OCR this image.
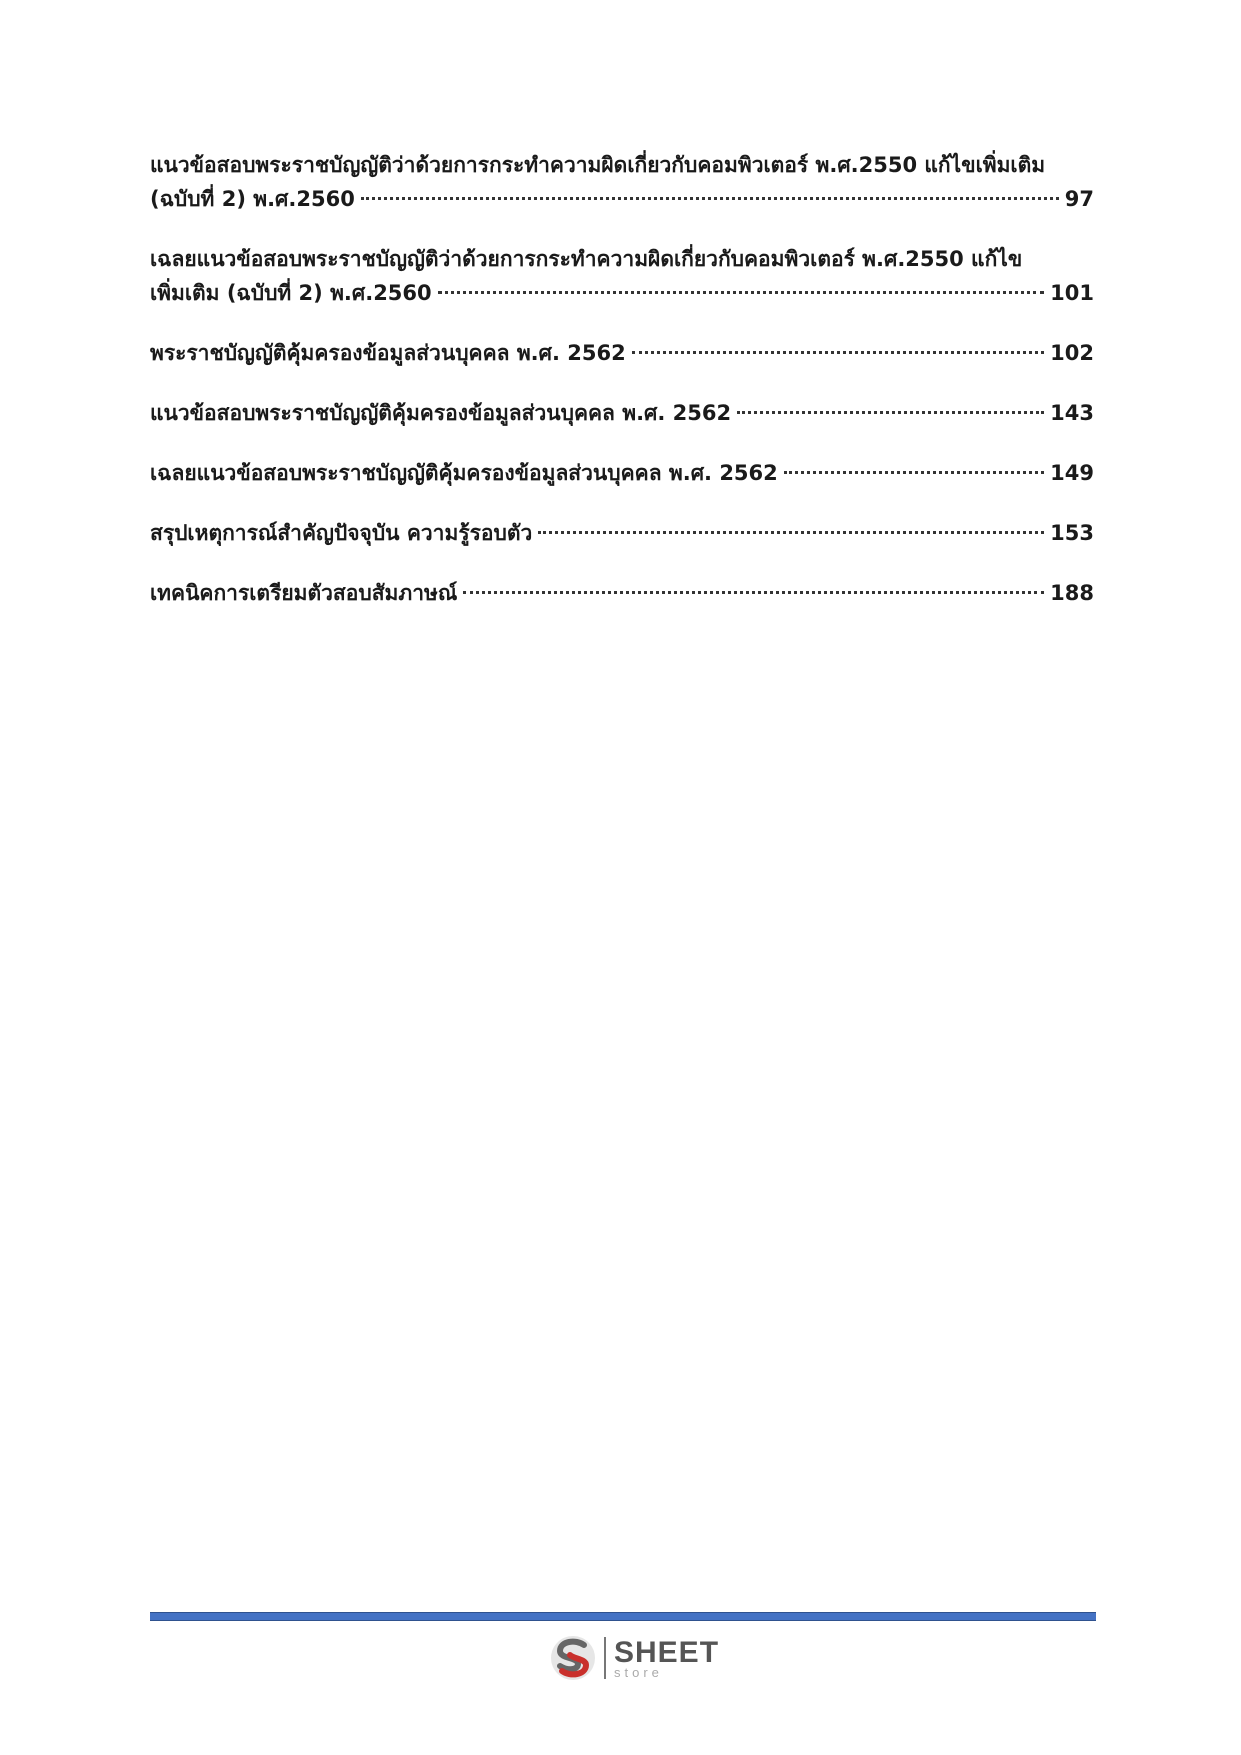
แนวข้อสอบพระราชบัญญัติว่าด้วยการกระทำความผิดเกี่ยวกับคอมพิวเตอร์ พ.ศ.2550 แก้ไขเพิ่มเติม
(ฉบับที่ 2) พ.ศ.2560	97
เฉลยแนวข้อสอบพระราชบัญญัติว่าด้วยการกระทำความผิดเกี่ยวกับคอมพิวเตอร์ พ.ศ.2550 แก้ไข
เพิ่มเติม (ฉบับที่ 2) พ.ศ.2560	101
พระราชบัญญัติคุ้มครองข้อมูลส่วนบุคคล พ.ศ. 2562	102
แนวข้อสอบพระราชบัญญัติคุ้มครองข้อมูลส่วนบุคคล พ.ศ. 2562	143
เฉลยแนวข้อสอบพระราชบัญญัติคุ้มครองข้อมูลส่วนบุคคล พ.ศ. 2562	149
สรุปเหตุการณ์สำคัญปัจจุบัน ความรู้รอบตัว	153
เทคนิคการเตรียมตัวสอบสัมภาษณ์	188
SHEET
store
